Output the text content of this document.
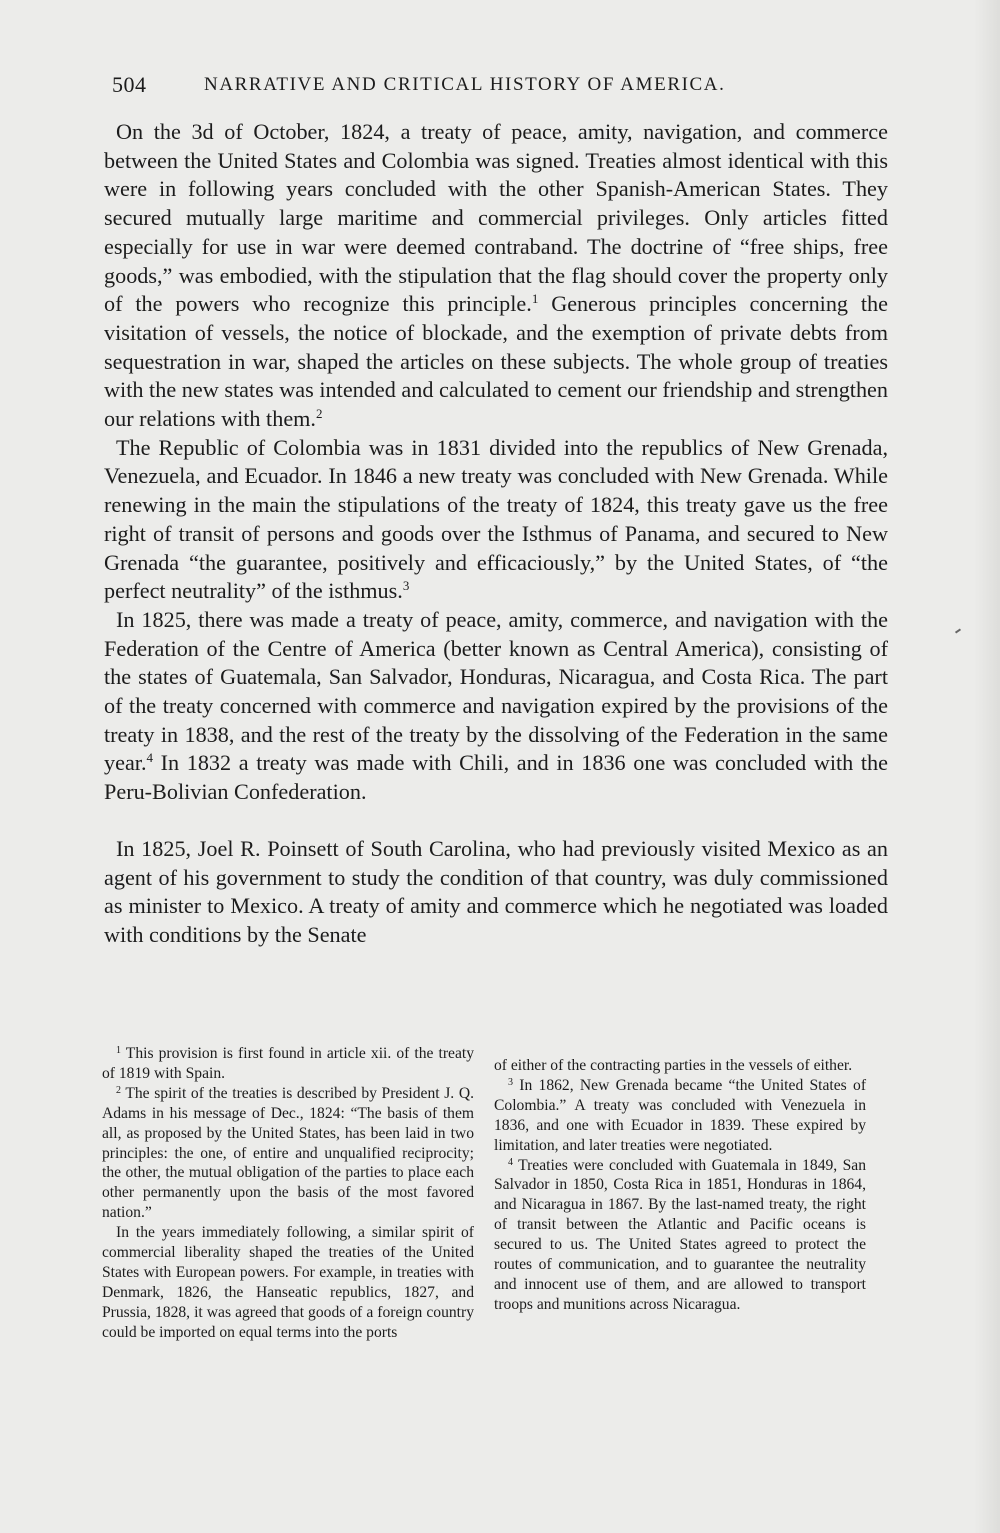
504	NARRATIVE AND CRITICAL HISTORY OF AMERICA.

On the 3d of October, 1824, a treaty of peace, amity, navigation, and commerce between the United States and Colombia was signed. Treaties almost identical with this were in following years concluded with the other Spanish-American States. They secured mutually large maritime and commercial privileges. Only articles fitted especially for use in war were deemed contraband. The doctrine of “free ships, free goods,” was embodied, with the stipulation that the flag should cover the property only of the powers who recognize this principle.$^1$ Generous principles concerning the visitation of vessels, the notice of blockade, and the exemption of private debts from sequestration in war, shaped the articles on these subjects. The whole group of treaties with the new states was intended and calculated to cement our friendship and strengthen our relations with them.$^2$

The Republic of Colombia was in 1831 divided into the republics of New Grenada, Venezuela, and Ecuador. In 1846 a new treaty was concluded with New Grenada. While renewing in the main the stipulations of the treaty of 1824, this treaty gave us the free right of transit of persons and goods over the Isthmus of Panama, and secured to New Grenada “the guarantee, positively and efficaciously,” by the United States, of “the perfect neutrality” of the isthmus.$^3$

In 1825, there was made a treaty of peace, amity, commerce, and navigation with the Federation of the Centre of America (better known as Central America), consisting of the states of Guatemala, San Salvador, Honduras, Nicaragua, and Costa Rica. The part of the treaty concerned with commerce and navigation expired by the provisions of the treaty in 1838, and the rest of the treaty by the dissolving of the Federation in the same year.$^4$ In 1832 a treaty was made with Chili, and in 1836 one was concluded with the Peru-Bolivian Confederation.

In 1825, Joel R. Poinsett of South Carolina, who had previously visited Mexico as an agent of his government to study the condition of that country, was duly commissioned as minister to Mexico. A treaty of amity and commerce which he negotiated was loaded with conditions by the Senate

$^1$ This provision is first found in article xii. of the treaty of 1819 with Spain.

$^2$ The spirit of the treaties is described by President J. Q. Adams in his message of Dec., 1824: “The basis of them all, as proposed by the United States, has been laid in two principles: the one, of entire and unqualified reciprocity; the other, the mutual obligation of the parties to place each other permanently upon the basis of the most favored nation.”

In the years immediately following, a similar spirit of commercial liberality shaped the treaties of the United States with European powers. For example, in treaties with Denmark, 1826, the Hanseatic republics, 1827, and Prussia, 1828, it was agreed that goods of a foreign country could be imported on equal terms into the ports

of either of the contracting parties in the vessels of either.

$^3$ In 1862, New Grenada became “the United States of Colombia.” A treaty was concluded with Venezuela in 1836, and one with Ecuador in 1839. These expired by limitation, and later treaties were negotiated.

$^4$ Treaties were concluded with Guatemala in 1849, San Salvador in 1850, Costa Rica in 1851, Honduras in 1864, and Nicaragua in 1867. By the last-named treaty, the right of transit between the Atlantic and Pacific oceans is secured to us. The United States agreed to protect the routes of communication, and to guarantee the neutrality and innocent use of them, and are allowed to transport troops and munitions across Nicaragua.
